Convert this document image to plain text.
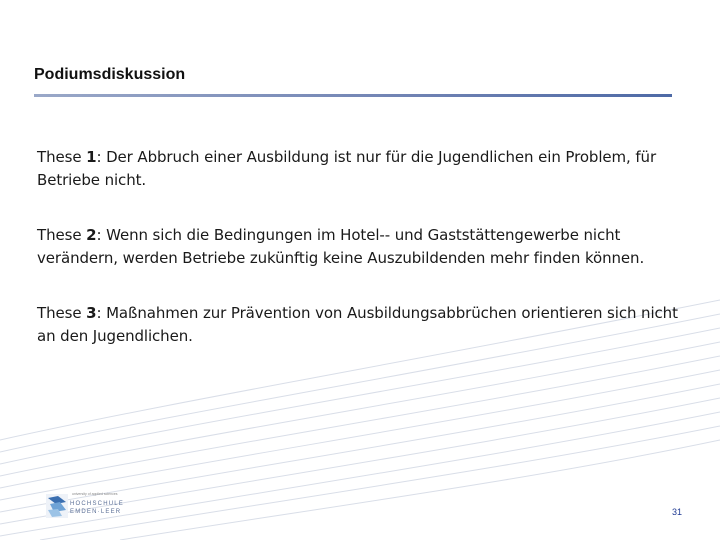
Podiumsdiskussion

These 1: Der Abbruch einer Ausbildung ist nur für die Jugendlichen ein Problem, für Betriebe nicht.

These 2: Wenn sich die Bedingungen im Hotel-- und Gaststättengewerbe nicht verändern, werden Betriebe zukünftig keine Auszubildenden mehr finden können.

These 3: Maßnahmen zur Prävention von Ausbildungsabbrüchen orientieren sich nicht an den Jugendlichen.

university of applied sciences
HOCHSCHULE
EMDEN·LEER	31
